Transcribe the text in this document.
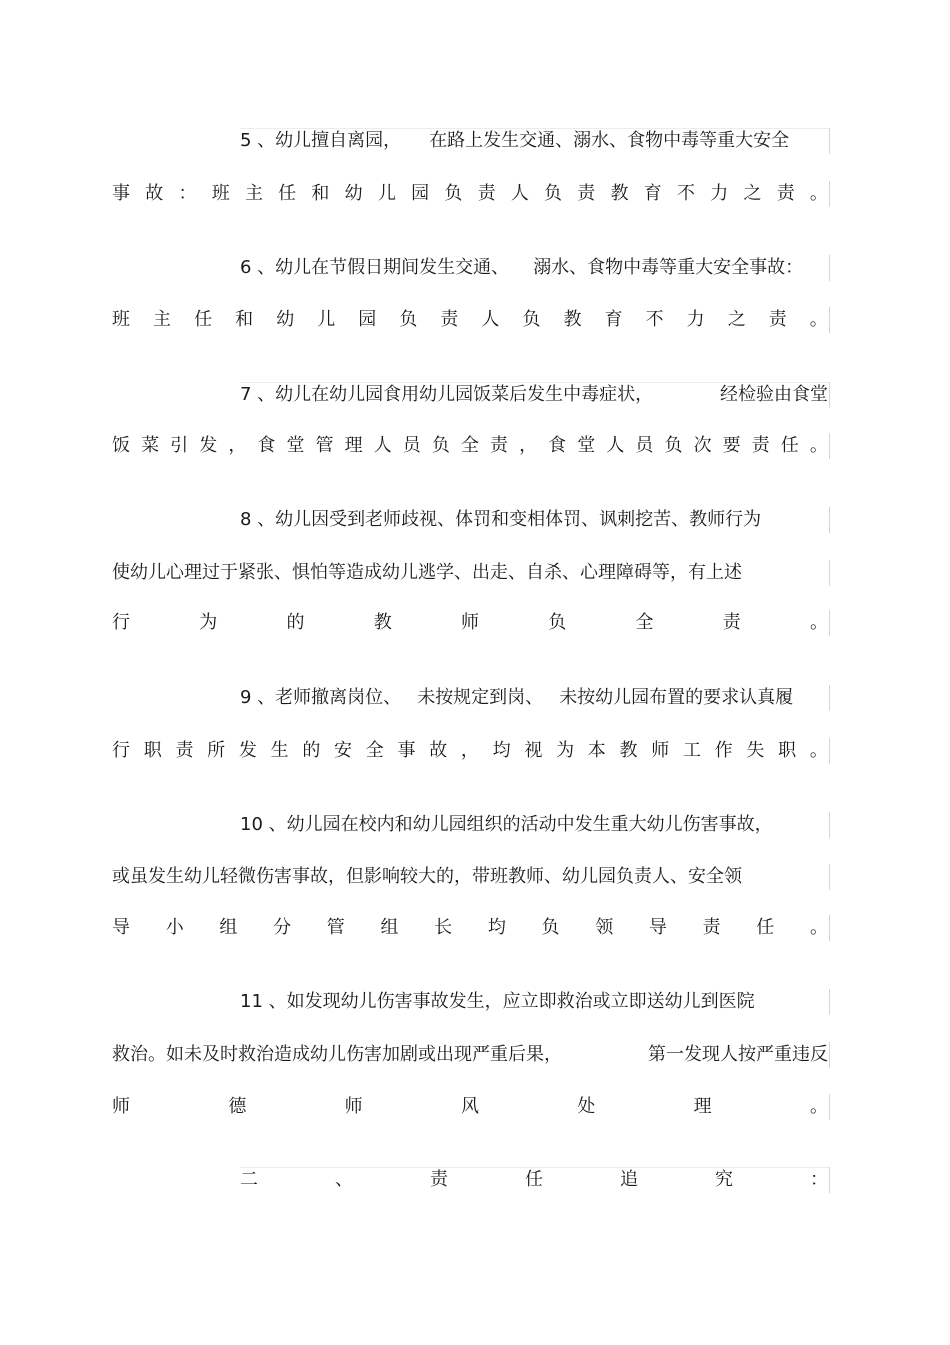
5 、幼儿擅自离园， 在路上发生交通、溺水、食物中毒等重大安全
事 故 ： 班 主 任 和 幼 儿 园 负 责 人 负 责 教 育 不 力 之 责 。
6 、幼儿在节假日期间发生交通、 溺水、食物中毒等重大安全事故：
班 主 任 和 幼 儿 园 负 责 人 负 教 育 不 力 之 责 。
7 、幼儿在幼儿园食用幼儿园饭菜后发生中毒症状，	经检验由食堂
饭 菜 引 发 ， 食 堂 管 理 人 员 负 全 责 ， 食 堂 人 员 负 次 要 责 任 。
8 、幼儿因受到老师歧视、体罚和变相体罚、讽刺挖苦、教师行为
使幼儿心理过于紧张、惧怕等造成幼儿逃学、出走、自杀、心理障碍等，有上述
行	为	的	教	师	负	全	责	。
9 、老师撤离岗位、 未按规定到岗、 未按幼儿园布置的要求认真履
行 职 责 所 发 生 的 安 全 事 故 ， 均 视 为 本 教 师 工 作 失 职 。
10 、幼儿园在校内和幼儿园组织的活动中发生重大幼儿伤害事故，
或虽发生幼儿轻微伤害事故，但影响较大的，带班教师、幼儿园负责人、安全领
导 小 组 分 管 组 长 均 负 领 导 责 任 。
11 、如发现幼儿伤害事故发生，应立即救治或立即送幼儿到医院
救治。如未及时救治造成幼儿伤害加剧或出现严重后果，	第一发现人按严重违反
师	德	师	风	处	理	。
二	、	责	任	追	究	：
